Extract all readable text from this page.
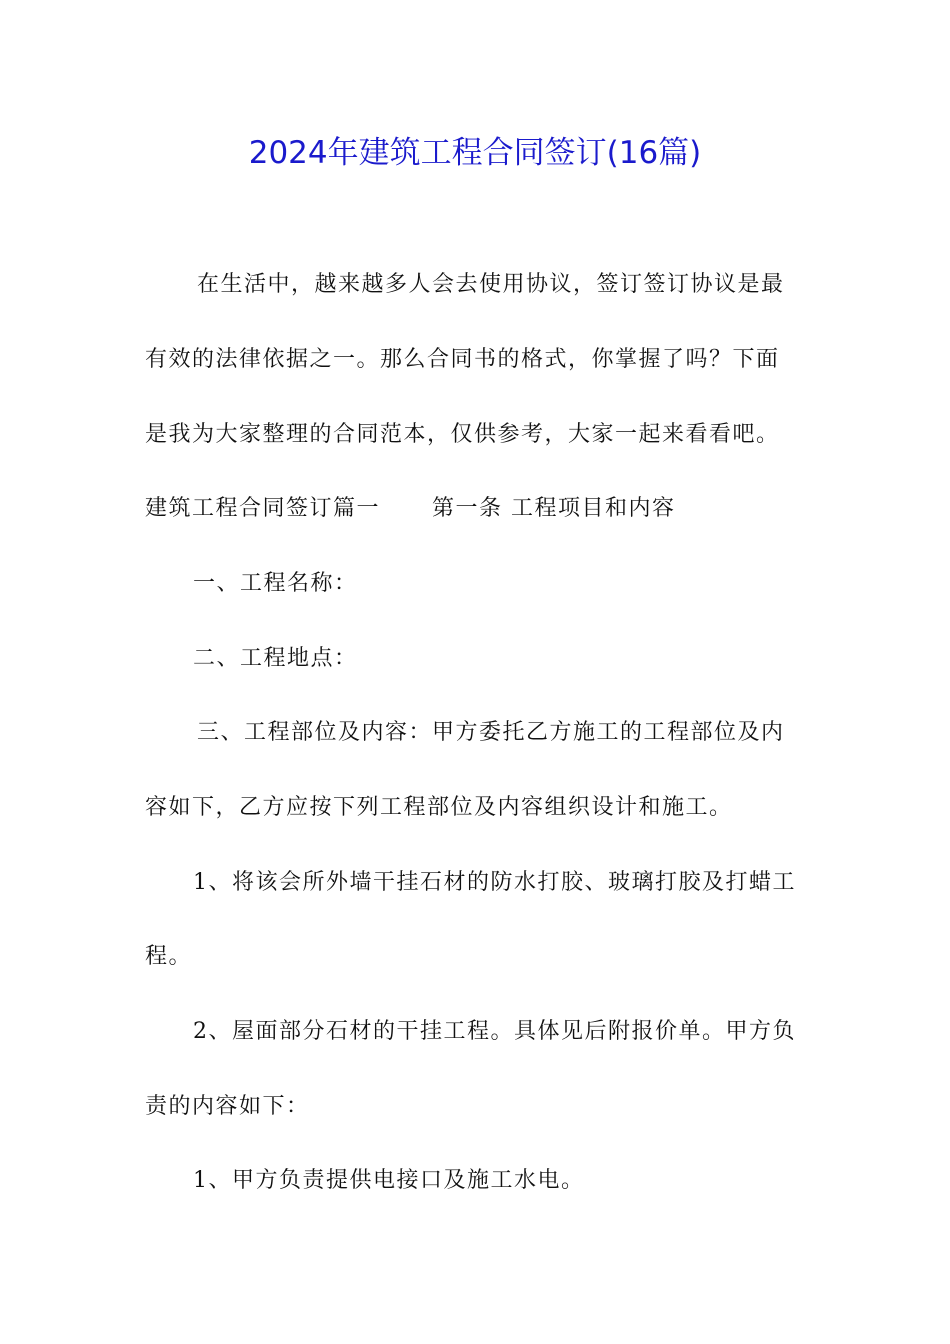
2024年建筑工程合同签订(16篇)
在生活中，越来越多人会去使用协议，签订签订协议是最
有效的法律依据之一。那么合同书的格式，你掌握了吗？下面
是我为大家整理的合同范本，仅供参考，大家一起来看看吧。
建筑工程合同签订篇一 第一条 工程项目和内容
一、工程名称：
二、工程地点：
三、工程部位及内容：甲方委托乙方施工的工程部位及内
容如下，乙方应按下列工程部位及内容组织设计和施工。
1、将该会所外墙干挂石材的防水打胶、玻璃打胶及打蜡工
程。
2、屋面部分石材的干挂工程。具体见后附报价单。甲方负
责的内容如下：
1、甲方负责提供电接口及施工水电。
